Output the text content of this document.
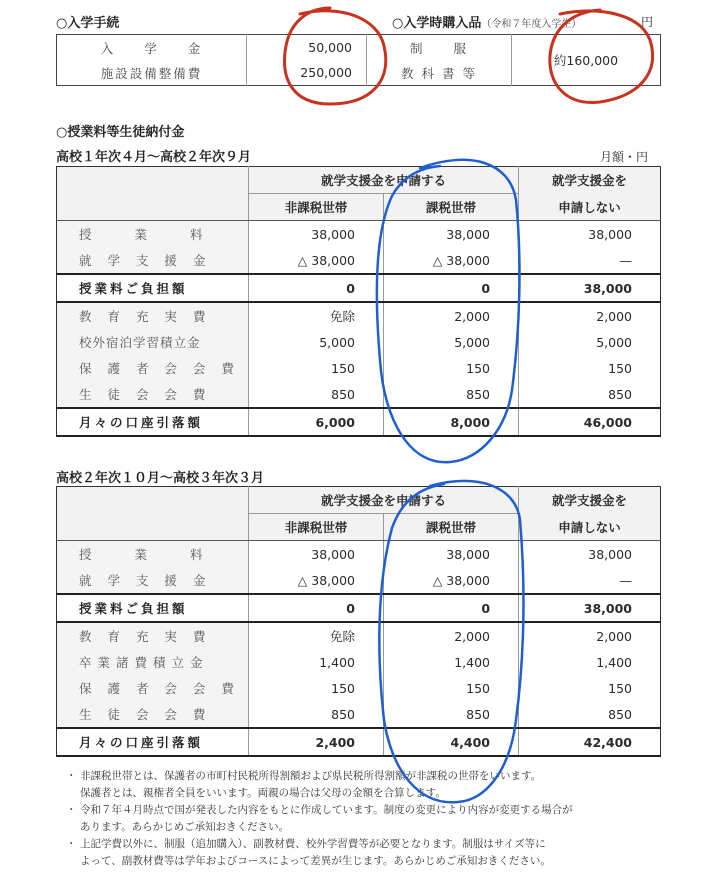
○入学手続	○入学時購入品（令和７年度入学生）	円
入　　学　　金	50,000	制　　服	約160,000
施設設備整備費	250,000	教 科 書 等	
○授業料等生徒納付金
高校１年次４月～高校２年次９月	月額・円
	就学支援金を申請する		就学支援金を
	非課税世帯	課税世帯	申請しない
授　　業　　料	38,000	38,000	38,000
就 学 支 援 金	△ 38,000	△ 38,000	—
授業料ご負担額	0	0	38,000
教 育 充 実 費	免除	2,000	2,000
校外宿泊学習積立金	5,000	5,000	5,000
保 護 者 会 会 費	150	150	150
生 徒 会 会 費	850	850	850
月々の口座引落額	6,000	8,000	46,000
高校２年次１０月～高校３年次３月
	就学支援金を申請する		就学支援金を
	非課税世帯	課税世帯	申請しない
授　　業　　料	38,000	38,000	38,000
就 学 支 援 金	△ 38,000	△ 38,000	—
授業料ご負担額	0	0	38,000
教 育 充 実 費	免除	2,000	2,000
卒業諸費積立金	1,400	1,400	1,400
保 護 者 会 会 費	150	150	150
生 徒 会 会 費	850	850	850
月々の口座引落額	2,400	4,400	42,400
・ 非課税世帯とは、保護者の市町村民税所得割額および県民税所得割額が非課税の世帯をいいます。
保護者とは、親権者全員をいいます。両親の場合は父母の金額を合算します。
・ 令和７年４月時点で国が発表した内容をもとに作成しています。制度の変更により内容が変更する場合が
あります。あらかじめご承知おきください。
・ 上記学費以外に、制服（追加購入）、副教材費、校外学習費等が必要となります。制服はサイズ等に
よって、副教材費等は学年およびコースによって差異が生じます。あらかじめご承知おきください。
